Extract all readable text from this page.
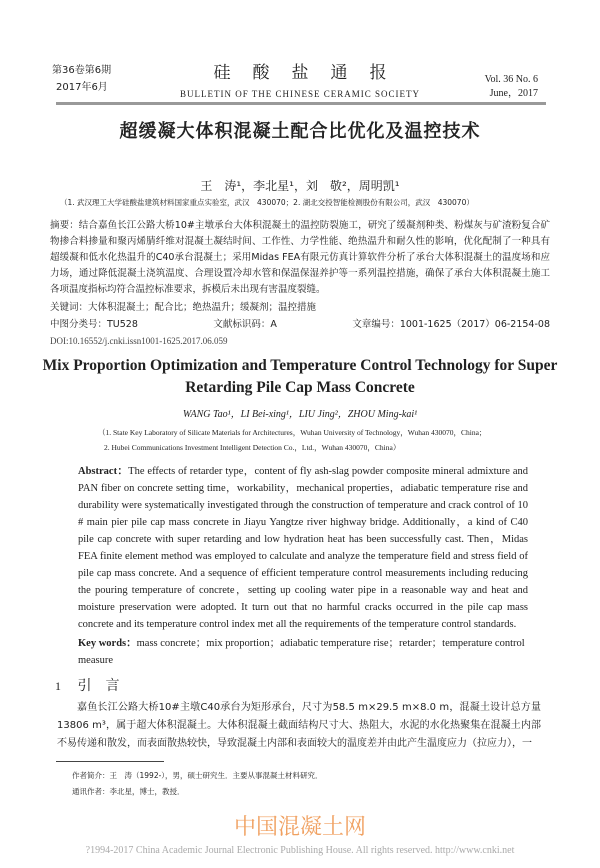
第36卷第6期
2017年6月
硅酸盐通报
BULLETIN OF THE CHINESE CERAMIC SOCIETY
Vol. 36 No. 6
June，2017
超缓凝大体积混凝土配合比优化及温控技术
王　涛¹，李北星¹，刘　敬²，周明凯¹
（1. 武汉理工大学硅酸盐建筑材料国家重点实验室，武汉　430070；2. 湖北交投智能检测股份有限公司，武汉　430070）
摘要：结合嘉鱼长江公路大桥10#主墩承台大体积混凝土的温控防裂施工，研究了缓凝剂种类、粉煤灰与矿渣粉复合矿物掺合料掺量和聚丙烯腈纤维对混凝土凝结时间、工作性、力学性能、绝热温升和耐久性的影响，优化配制了一种具有超缓凝和低水化热温升的C40承台混凝土；采用Midas FEA有限元仿真计算软件分析了承台大体积混凝土的温度场和应力场，通过降低混凝土浇筑温度、合理设置冷却水管和保温保湿养护等一系列温控措施，确保了承台大体积混凝土施工各项温度指标均符合温控标准要求，拆模后未出现有害温度裂缝。
关键词：大体积混凝土；配合比；绝热温升；缓凝剂；温控措施
中图分类号：TU528	文献标识码：A	文章编号：1001-1625（2017）06-2154-08
DOI:10.16552/j.cnki.issn1001-1625.2017.06.059
Mix Proportion Optimization and Temperature Control Technology for Super Retarding Pile Cap Mass Concrete
WANG Tao¹，LI Bei-xing¹，LIU Jing²，ZHOU Ming-kai¹
（1. State Key Laboratory of Silicate Materials for Architectures，Wuhan University of Technology，Wuhan 430070，China；
2. Hubei Communications Investment Intelligent Detection Co.，Ltd.，Wuhan 430070，China）
Abstract：The effects of retarder type，content of fly ash-slag powder composite mineral admixture and PAN fiber on concrete setting time，workability，mechanical properties，adiabatic temperature rise and durability were systematically investigated through the construction of temperature and crack control of 10 # main pier pile cap mass concrete in Jiayu Yangtze river highway bridge. Additionally，a kind of C40 pile cap concrete with super retarding and low hydration heat has been successfully cast. Then，Midas FEA finite element method was employed to calculate and analyze the temperature field and stress field of pile cap mass concrete. And a sequence of efficient temperature control measurements including reducing the pouring temperature of concrete，setting up cooling water pipe in a reasonable way and heat and moisture preservation were adopted. It turn out that no harmful cracks occurred in the pile cap mass concrete and its temperature control index met all the requirements of the temperature control standards.
Key words：mass concrete；mix proportion；adiabatic temperature rise；retarder；temperature control measure
1 引　言
嘉鱼长江公路大桥10#主墩C40承台为矩形承台，尺寸为58.5 m×29.5 m×8.0 m，混凝土设计总方量13806 m³，属于超大体积混凝土。大体积混凝土截面结构尺寸大、热阻大，水泥的水化热聚集在混凝土内部不易传递和散发，而表面散热较快，导致混凝土内部和表面较大的温度差并由此产生温度应力（拉应力），一
作者简介：王　涛（1992-），男，硕士研究生．主要从事混凝土材料研究．
通讯作者：李北星，博士，教授．
中国混凝土网
?1994-2017 China Academic Journal Electronic Publishing House. All rights reserved. http://www.cnki.net
